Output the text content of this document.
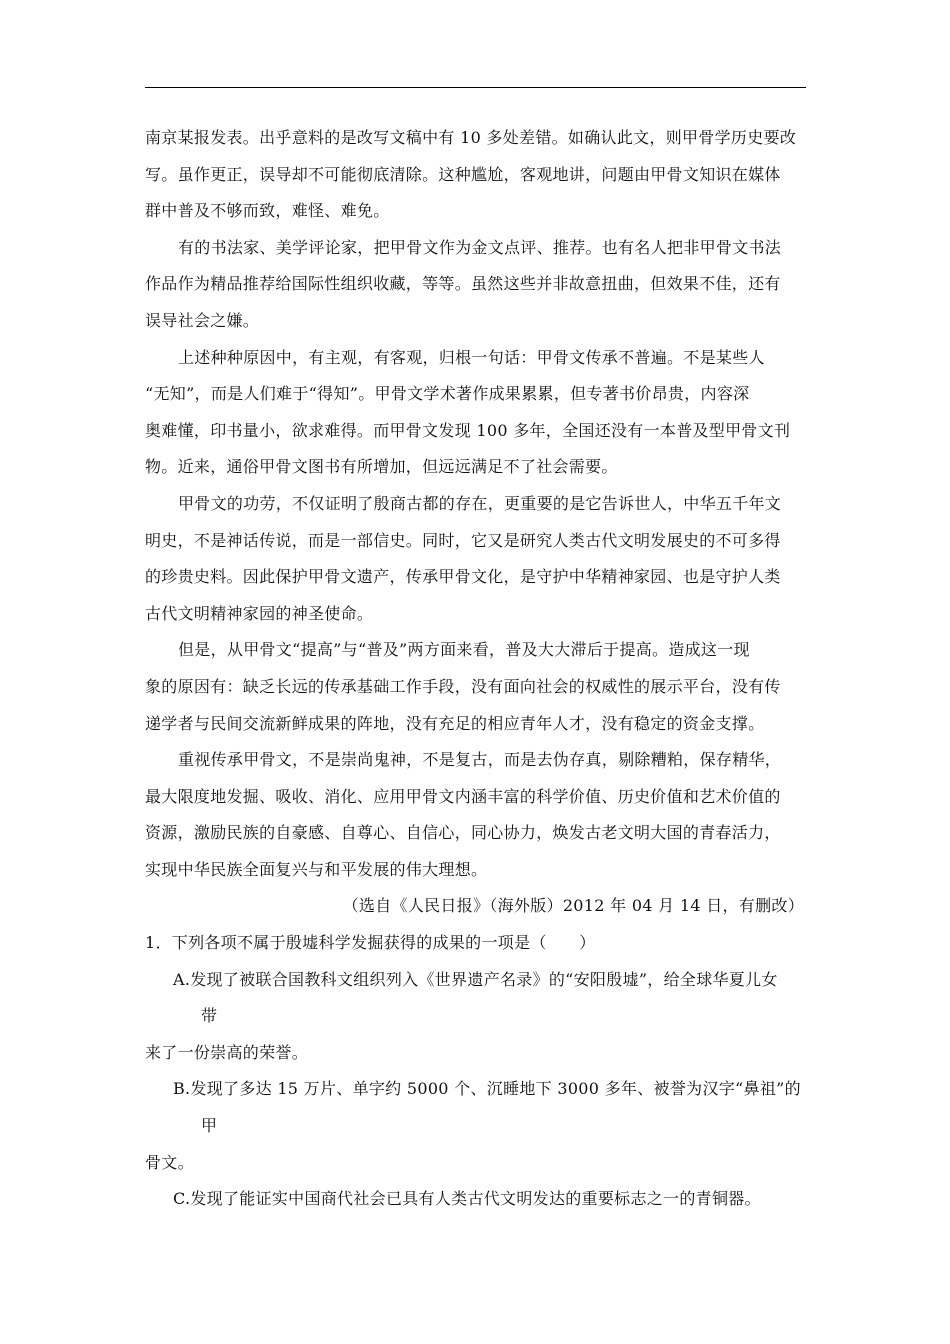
南京某报发表。出乎意料的是改写文稿中有 10 多处差错。如确认此文，则甲骨学历史要改
写。虽作更正，误导却不可能彻底清除。这种尴尬，客观地讲，问题由甲骨文知识在媒体
群中普及不够而致，难怪、难免。

有的书法家、美学评论家，把甲骨文作为金文点评、推荐。也有名人把非甲骨文书法
作品作为精品推荐给国际性组织收藏，等等。虽然这些并非故意扭曲，但效果不佳，还有
误导社会之嫌。

上述种种原因中，有主观，有客观，归根一句话：甲骨文传承不普遍。不是某些人
“无知”，而是人们难于“得知”。甲骨文学术著作成果累累，但专著书价昂贵，内容深
奥难懂，印书量小，欲求难得。而甲骨文发现 100 多年，全国还没有一本普及型甲骨文刊
物。近来，通俗甲骨文图书有所增加，但远远满足不了社会需要。

甲骨文的功劳，不仅证明了殷商古都的存在，更重要的是它告诉世人，中华五千年文
明史，不是神话传说，而是一部信史。同时，它又是研究人类古代文明发展史的不可多得
的珍贵史料。因此保护甲骨文遗产，传承甲骨文化，是守护中华精神家园、也是守护人类
古代文明精神家园的神圣使命。

但是，从甲骨文“提高”与“普及”两方面来看，普及大大滞后于提高。造成这一现
象的原因有：缺乏长远的传承基础工作手段，没有面向社会的权威性的展示平台，没有传
递学者与民间交流新鲜成果的阵地，没有充足的相应青年人才，没有稳定的资金支撑。

重视传承甲骨文，不是崇尚鬼神，不是复古，而是去伪存真，剔除糟粕，保存精华，
最大限度地发掘、吸收、消化、应用甲骨文内涵丰富的科学价值、历史价值和艺术价值的
资源，激励民族的自豪感、自尊心、自信心，同心协力，焕发古老文明大国的青春活力，
实现中华民族全面复兴与和平发展的伟大理想。

（选自《人民日报》（海外版）2012 年 04 月 14 日，有删改）

1．下列各项不属于殷墟科学发掘获得的成果的一项是（　　）

A.发现了被联合国教科文组织列入《世界遗产名录》的“安阳殷墟”，给全球华夏儿女
带

来了一份崇高的荣誉。

B.发现了多达 15 万片、单字约 5000 个、沉睡地下 3000 多年、被誉为汉字“鼻祖”的
甲

骨文。

C.发现了能证实中国商代社会已具有人类古代文明发达的重要标志之一的青铜器。
